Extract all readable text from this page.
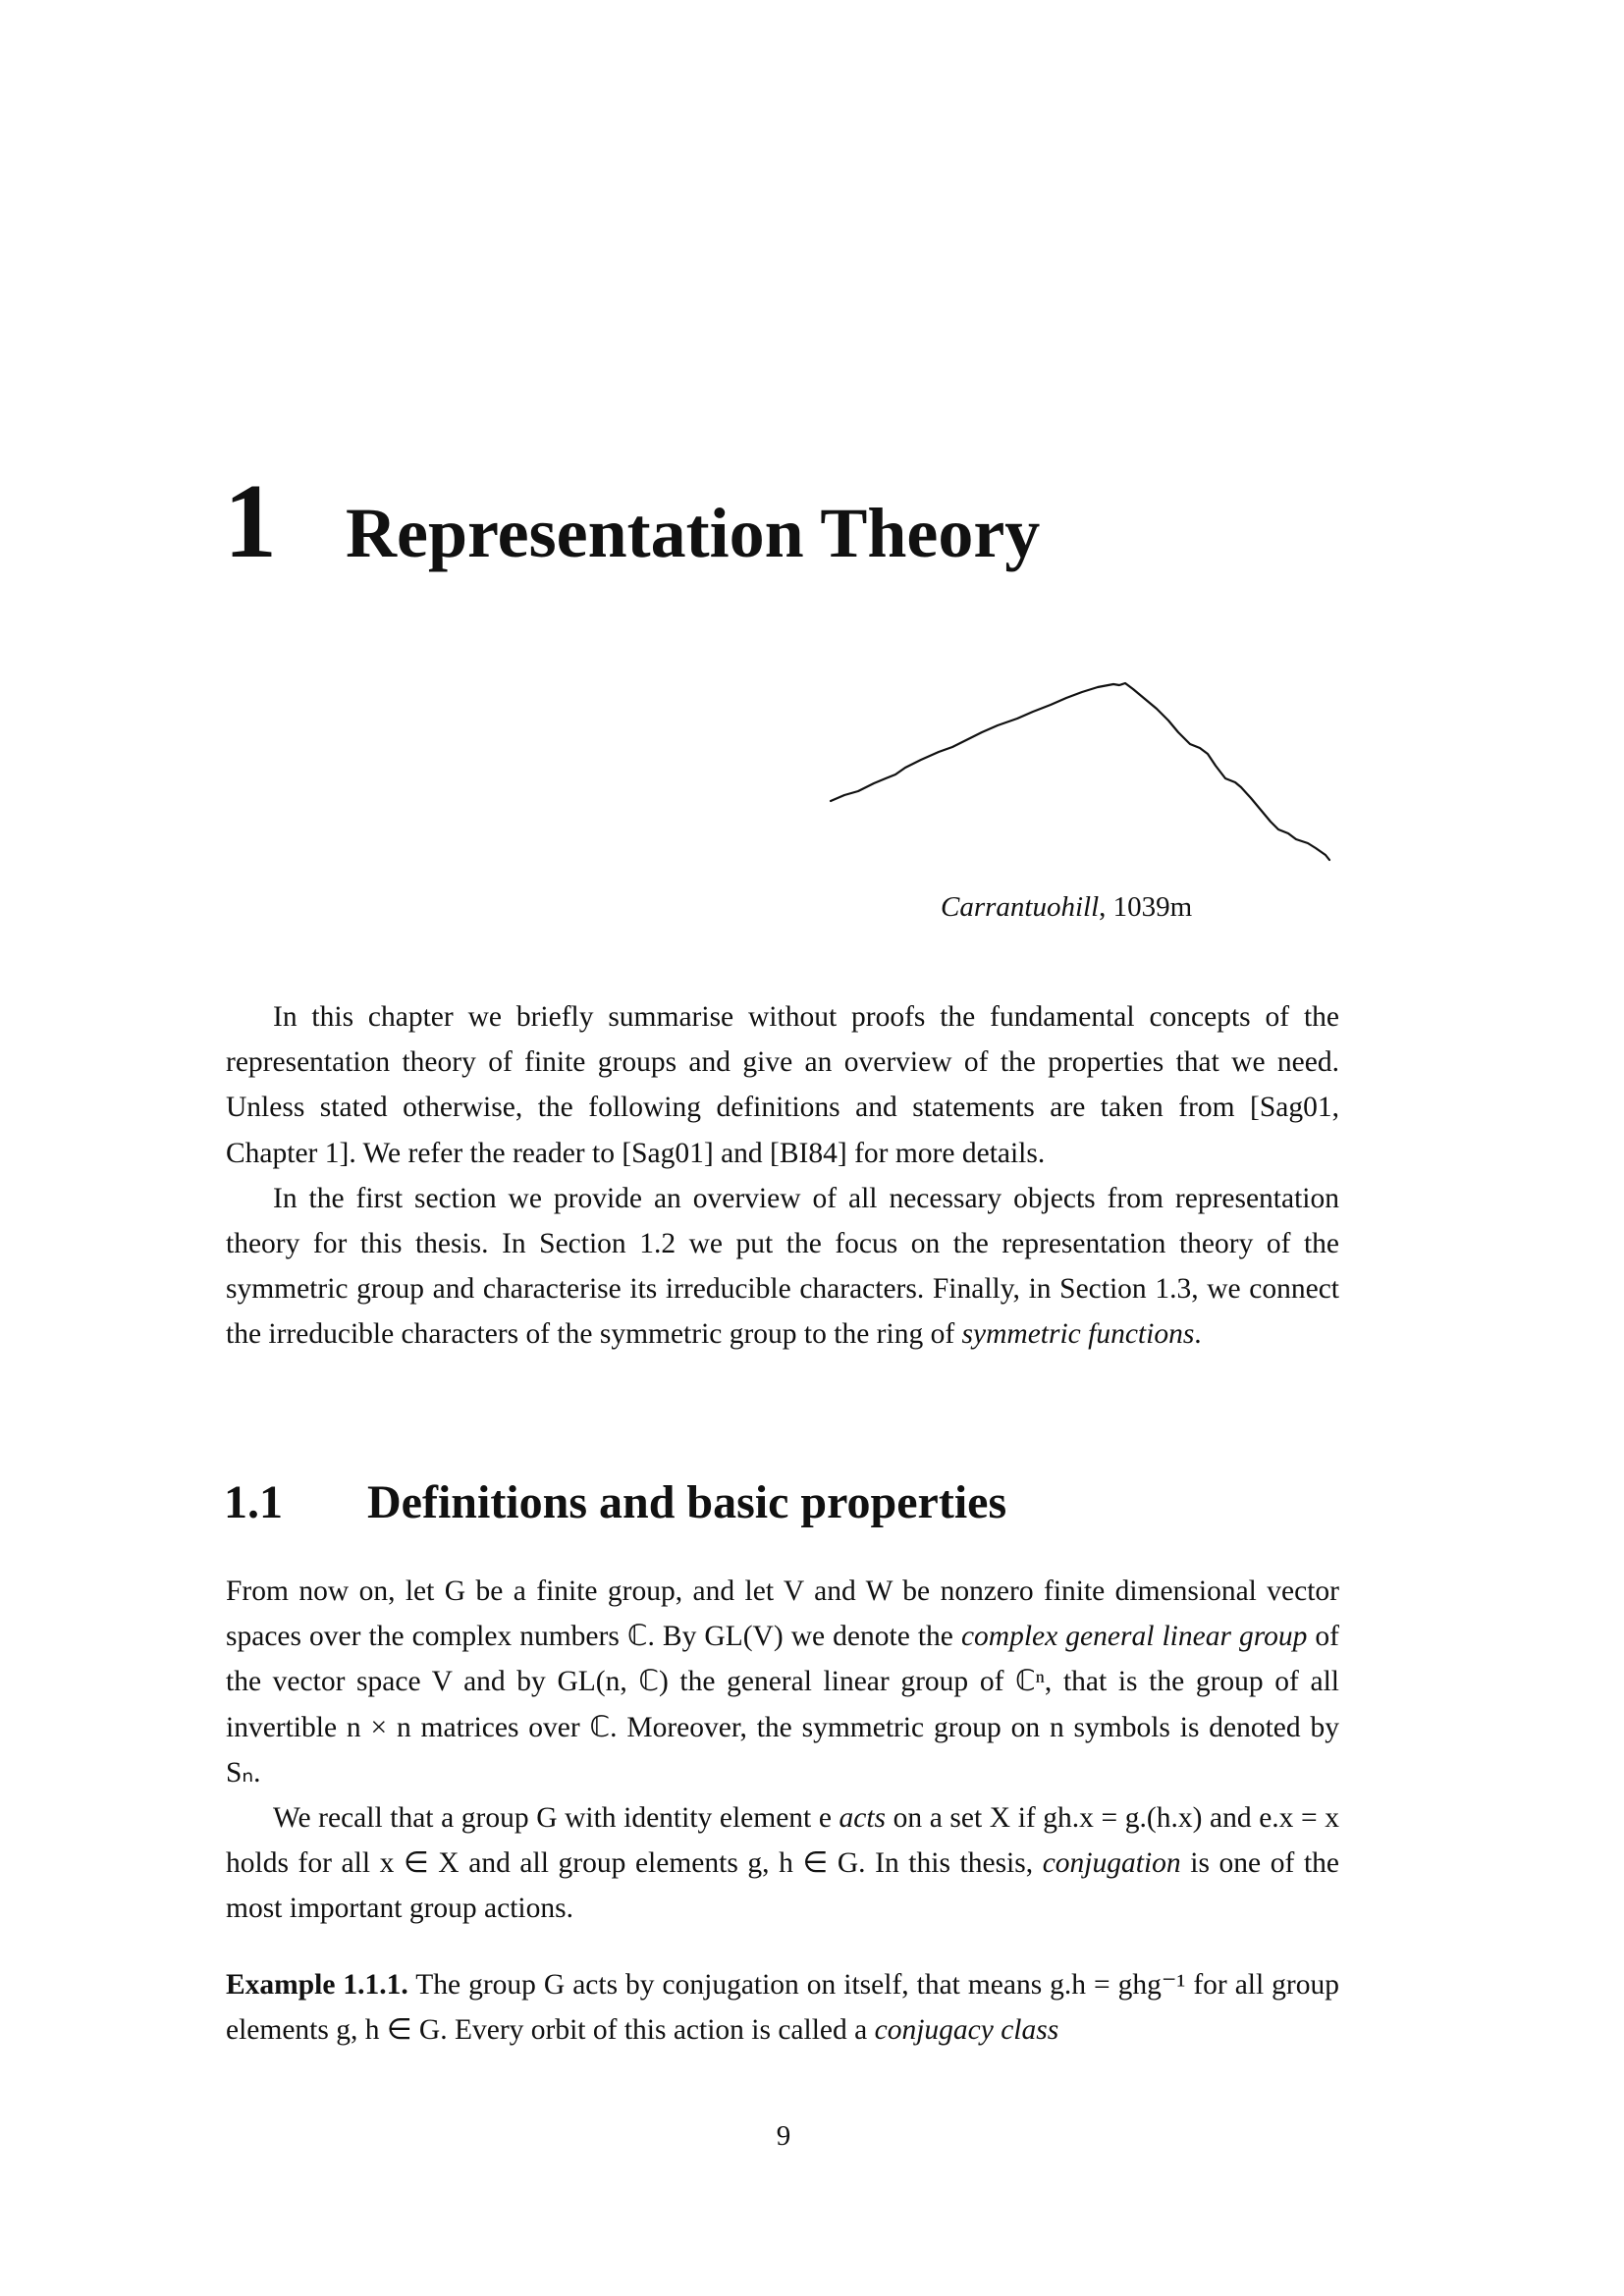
1 Representation Theory
Carrantuohill, 1039m

In this chapter we briefly summarise without proofs the fundamental concepts of the representation theory of finite groups and give an overview of the properties that we need. Unless stated otherwise, the following definitions and statements are taken from [Sag01, Chapter 1]. We refer the reader to [Sag01] and [BI84] for more details.

In the first section we provide an overview of all necessary objects from representation theory for this thesis. In Section 1.2 we put the focus on the representation theory of the symmetric group and characterise its irreducible characters. Finally, in Section 1.3, we connect the irreducible characters of the symmetric group to the ring of symmetric functions.

1.1	Definitions and basic properties

From now on, let G be a finite group, and let V and W be nonzero finite dimensional vector spaces over the complex numbers ℂ. By GL(V) we denote the complex general linear group of the vector space V and by GL(n, ℂ) the general linear group of ℂⁿ, that is the group of all invertible n × n matrices over ℂ. Moreover, the symmetric group on n symbols is denoted by Sₙ.

We recall that a group G with identity element e acts on a set X if gh.x = g.(h.x) and e.x = x holds for all x ∈ X and all group elements g, h ∈ G. In this thesis, conjugation is one of the most important group actions.

Example 1.1.1. The group G acts by conjugation on itself, that means g.h = ghg⁻¹ for all group elements g, h ∈ G. Every orbit of this action is called a conjugacy class
9
